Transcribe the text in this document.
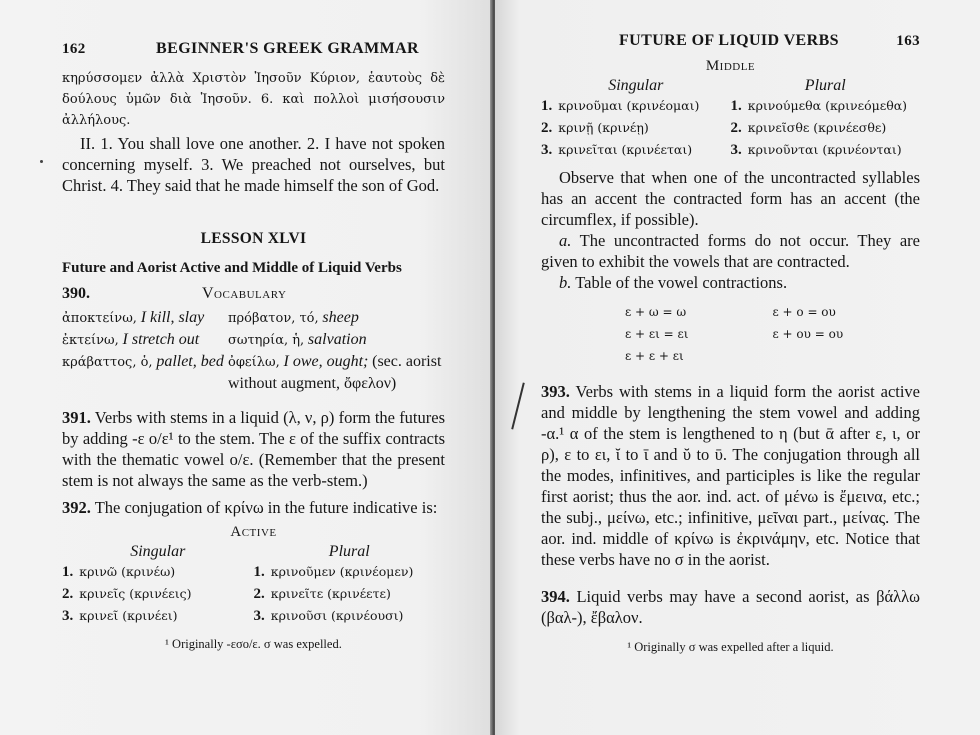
162	BEGINNER'S GREEK GRAMMAR

κηρύσσομεν ἀλλὰ Χριστὸν Ἰησοῦν Κύριον, ἑαυτοὺς δὲ δούλους ὑμῶν διὰ Ἰησοῦν. 6. καὶ πολλοὶ μισήσουσιν ἀλλήλους.

II. 1. You shall love one another. 2. I have not spoken concerning myself. 3. We preached not ourselves, but Christ. 4. They said that he made himself the son of God.

LESSON XLVI
Future and Aorist Active and Middle of Liquid Verbs
390.	Vocabulary
ἀποκτείνω, I kill, slay	πρόβατον, τό, sheep
ἐκτείνω, I stretch out	σωτηρία, ἡ, salvation
κράβαττος, ὁ, pallet, bed ὀφείλω, I owe, ought; (sec. aorist without augment, ὄφελον)

391. Verbs with stems in a liquid (λ, ν, ρ) form the futures by adding -ε ο/ε¹ to the stem. The ε of the suffix contracts with the thematic vowel ο/ε. (Remember that the present stem is not always the same as the verb-stem.)

392. The conjugation of κρίνω in the future indicative is:

Active
Singular	Plural
1. κρινῶ (κρινέω)	1. κρινοῦμεν (κρινέομεν)
2. κρινεῖς (κρινέεις)	2. κρινεῖτε (κρινέετε)
3. κρινεῖ (κρινέει)	3. κρινοῦσι (κρινέουσι)
¹ Originally -εσο/ε. σ was expelled.
FUTURE OF LIQUID VERBS	163
Middle
Singular	Plural
1. κρινοῦμαι (κρινέομαι)	1. κρινούμεθα (κρινεόμεθα)
2. κρινῇ (κρινέῃ)	2. κρινεῖσθε (κρινέεσθε)
3. κρινεῖται (κρινέεται)	3. κρινοῦνται (κρινέονται)

Observe that when one of the uncontracted syllables has an accent the contracted form has an accent (the circumflex, if possible).

a. The uncontracted forms do not occur. They are given to exhibit the vowels that are contracted.

b. Table of the vowel contractions.

ε + ω = ω	ε + ο = ου
ε + ει = ει	ε + ου = ου
ε + ε + ει

393. Verbs with stems in a liquid form the aorist active and middle by lengthening the stem vowel and adding -α.¹ α of the stem is lengthened to η (but ᾱ after ε, ι, or ρ), ε to ει, ῐ to ῑ and ῠ to ῡ. The conjugation through all the modes, infinitives, and participles is like the regular first aorist; thus the aor. ind. act. of μένω is ἔμεινα, etc.; the subj., μείνω, etc.; infinitive, μεῖναι part., μείνας. The aor. ind. middle of κρίνω is ἐκρινάμην, etc. Notice that these verbs have no σ in the aorist.

394. Liquid verbs may have a second aorist, as βάλλω (βαλ-), ἔβαλον.

¹ Originally σ was expelled after a liquid.
